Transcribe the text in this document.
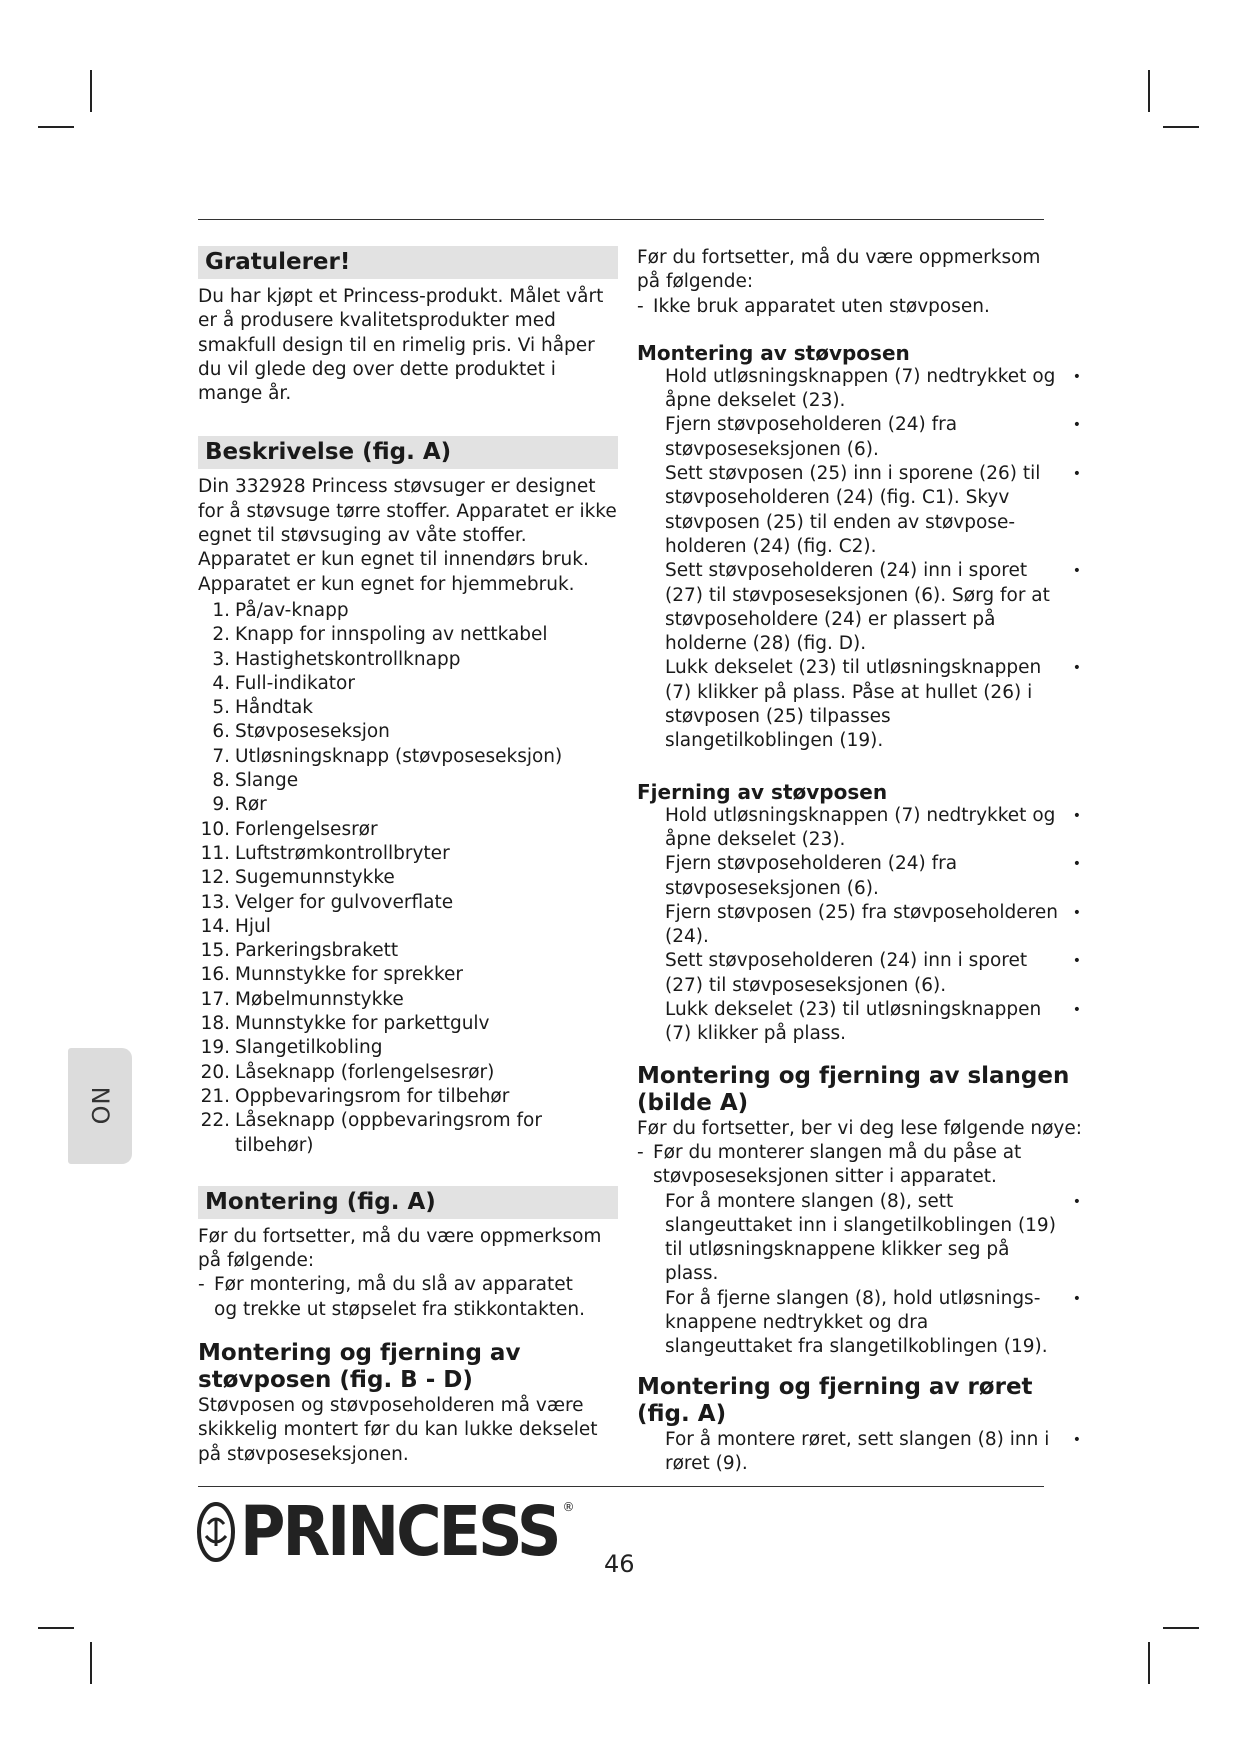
Gratulerer!

Du har kjøpt et Princess-produkt. Målet vårt er å produsere kvalitetsprodukter med smakfull design til en rimelig pris. Vi håper du vil glede deg over dette produktet i mange år.

Beskrivelse (fig. A)

Din 332928 Princess støvsuger er designet for å støvsuge tørre stoffer. Apparatet er ikke egnet til støvsuging av våte stoffer. Apparatet er kun egnet til innendørs bruk. Apparatet er kun egnet for hjemmebruk.

1. På/av-knapp
2. Knapp for innspoling av nettkabel
3. Hastighetskontrollknapp
4. Full-indikator
5. Håndtak
6. Støvposeseksjon
7. Utløsningsknapp (støvposeseksjon)
8. Slange
9. Rør
10. Forlengelsesrør
11. Luftstrømkontrollbryter
12. Sugemunnstykke
13. Velger for gulvoverflate
14. Hjul
15. Parkeringsbrakett
16. Munnstykke for sprekker
17. Møbelmunnstykke
18. Munnstykke for parkettgulv
19. Slangetilkobling
20. Låseknapp (forlengelsesrør)
21. Oppbevaringsrom for tilbehør
22. Låseknapp (oppbevaringsrom for tilbehør)
Montering (fig. A)

Før du fortsetter, må du være oppmerksom på følgende:

- Før montering, må du slå av apparatet og trekke ut støpselet fra stikkontakten.
Montering og fjerning av støvposen (fig. B - D)

Støvposen og støvposeholderen må være skikkelig montert før du kan lukke dekselet på støvposeseksjonen.

Før du fortsetter, må du være oppmerksom på følgende:

- Ikke bruk apparatet uten støvposen.
Montering av støvposen
Hold utløsningsknappen (7) nedtrykket og åpne dekselet (23).
•
Fjern støvposeholderen (24) fra støvposeseksjonen (6).
•
Sett støvposen (25) inn i sporene (26) til støvposeholderen (24) (fig. C1). Skyv støvposen (25) til enden av støvpose-holderen (24) (fig. C2).
•
Sett støvposeholderen (24) inn i sporet (27) til støvposeseksjonen (6). Sørg for at støvposeholdere (24) er plassert på holderne (28) (fig. D).
•
Lukk dekselet (23) til utløsningsknappen (7) klikker på plass. Påse at hullet (26) i støvposen (25) tilpasses slangetilkoblingen (19).
•
Fjerning av støvposen
Hold utløsningsknappen (7) nedtrykket og åpne dekselet (23).
•
Fjern støvposeholderen (24) fra støvposeseksjonen (6).
•
Fjern støvposen (25) fra støvposeholderen (24).
•
Sett støvposeholderen (24) inn i sporet (27) til støvposeseksjonen (6).
•
Lukk dekselet (23) til utløsningsknappen (7) klikker på plass.
•
Montering og fjerning av slangen (bilde A)

Før du fortsetter, ber vi deg lese følgende nøye:

- Før du monterer slangen må du påse at støvposeseksjonen sitter i apparatet.
For å montere slangen (8), sett slangeuttaket inn i slangetilkoblingen (19) til utløsningsknappene klikker seg på plass.
•
For å fjerne slangen (8), hold utløsnings-knappene nedtrykket og dra slangeuttaket fra slangetilkoblingen (19).
•
Montering og fjerning av røret (fig. A)
For å montere røret, sett slangen (8) inn i røret (9).
•
NO
PRINCESS ®
46
